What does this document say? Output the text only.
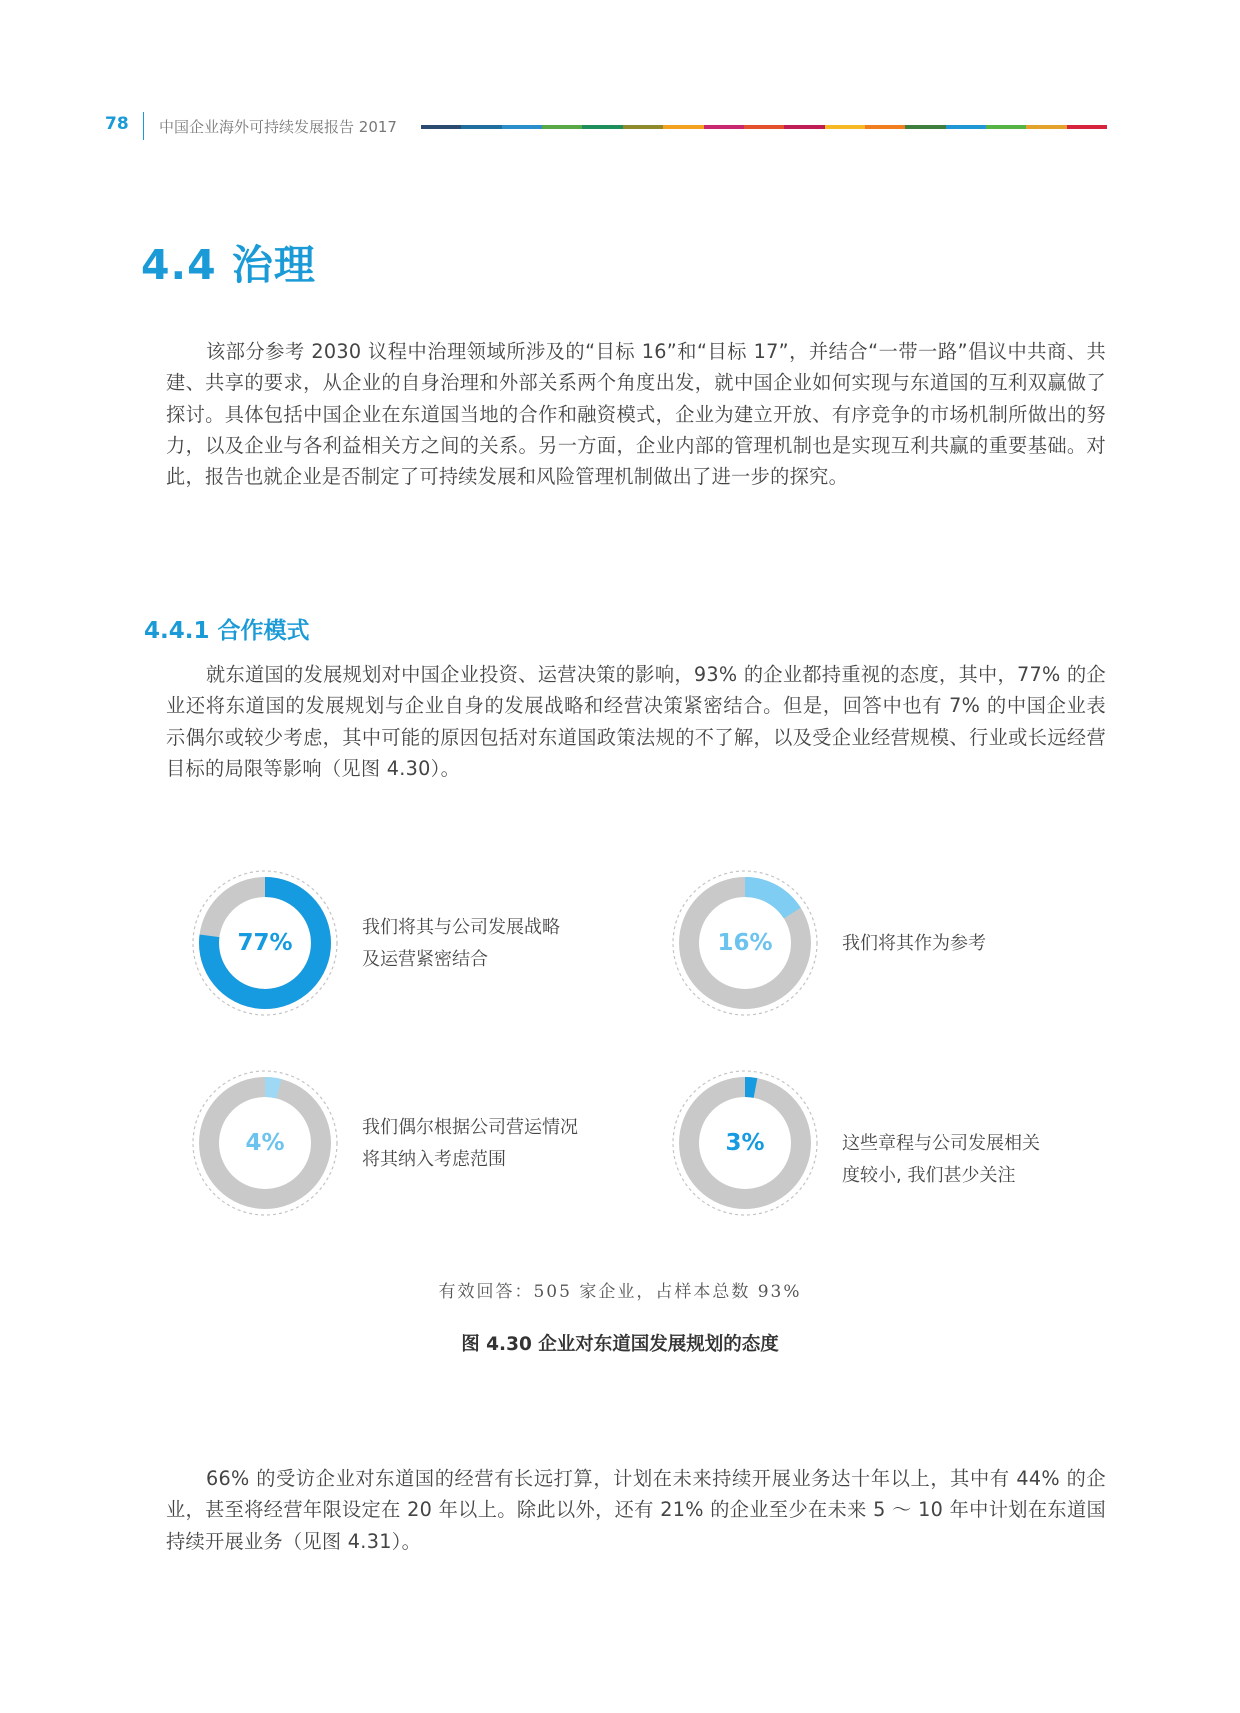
78 中国企业海外可持续发展报告 2017
4.4 治理

该部分参考 2030 议程中治理领域所涉及的“目标 16”和“目标 17”，并结合“一带一路”倡议中共商、共建、共享的要求，从企业的自身治理和外部关系两个角度出发，就中国企业如何实现与东道国的互利双赢做了探讨。具体包括中国企业在东道国当地的合作和融资模式，企业为建立开放、有序竞争的市场机制所做出的努力，以及企业与各利益相关方之间的关系。另一方面，企业内部的管理机制也是实现互利共赢的重要基础。对此，报告也就企业是否制定了可持续发展和风险管理机制做出了进一步的探究。

4.4.1 合作模式

就东道国的发展规划对中国企业投资、运营决策的影响，93% 的企业都持重视的态度，其中，77% 的企业还将东道国的发展规划与企业自身的发展战略和经营决策紧密结合。但是，回答中也有 7% 的中国企业表示偶尔或较少考虑，其中可能的原因包括对东道国政策法规的不了解，以及受企业经营规模、行业或长远经营目标的局限等影响（见图 4.30）。

77%
我们将其与公司发展战略
及运营紧密结合
16%	我们将其作为参考
4%
我们偶尔根据公司营运情况
将其纳入考虑范围
3%	这些章程与公司发展相关
度较小, 我们甚少关注
有效回答：505 家企业，占样本总数 93%
图 4.30 企业对东道国发展规划的态度

66% 的受访企业对东道国的经营有长远打算，计划在未来持续开展业务达十年以上，其中有 44% 的企业，甚至将经营年限设定在 20 年以上。除此以外，还有 21% 的企业至少在未来 5 ～ 10 年中计划在东道国持续开展业务（见图 4.31）。
